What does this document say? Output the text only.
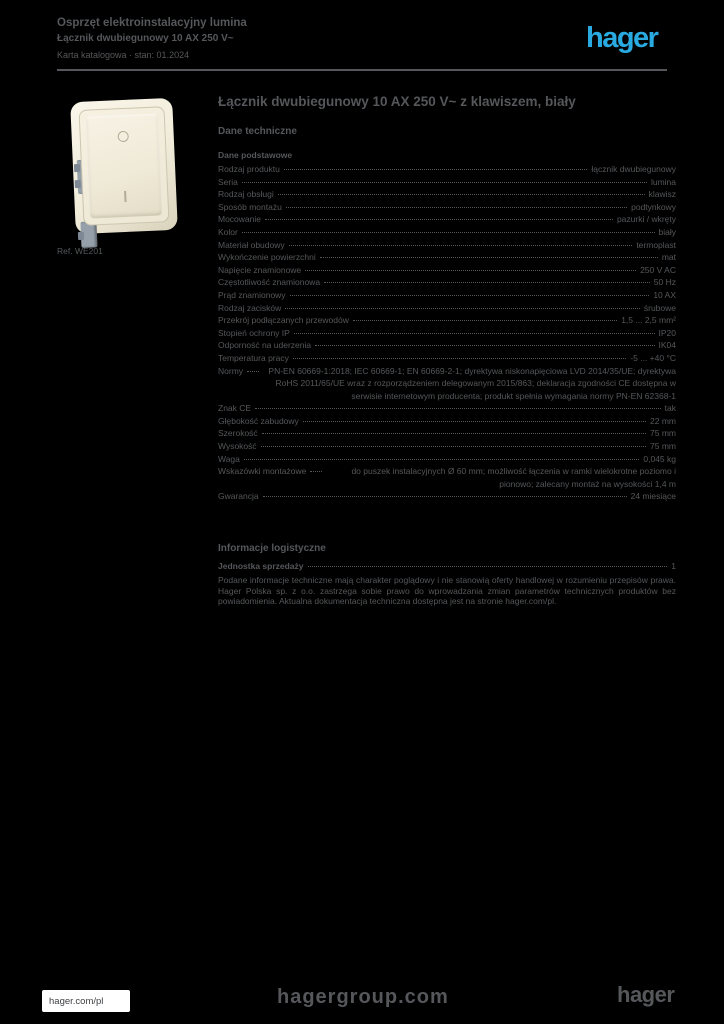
Osprzęt elektroinstalacyjny lumina
Łącznik dwubiegunowy 10 AX 250 V~
Karta katalogowa · stan: 01.2024
hager
Ref. WE201
Łącznik dwubiegunowy 10 AX 250 V~ z klawiszem, biały
Dane techniczne
Dane podstawowe
Rodzaj produktu	łącznik dwubiegunowy
Seria	lumina
Rodzaj obsługi	klawisz
Sposób montażu	podtynkowy
Mocowanie	pazurki / wkręty
Kolor	biały
Materiał obudowy	termoplast
Wykończenie powierzchni	mat
Napięcie znamionowe	250 V AC
Częstotliwość znamionowa	50 Hz
Prąd znamionowy	10 AX
Rodzaj zacisków	śrubowe
Przekrój podłączanych przewodów	1,5 ... 2,5 mm²
Stopień ochrony IP	IP20
Odporność na uderzenia	IK04
Temperatura pracy	-5 ... +40 °C
Normy	PN-EN 60669-1:2018; IEC 60669-1; EN 60669-2-1; dyrektywa niskonapięciowa LVD 2014/35/UE; dyrektywa RoHS 2011/65/UE wraz z rozporządzeniem delegowanym 2015/863; deklaracja zgodności CE dostępna w serwisie internetowym producenta; produkt spełnia wymagania normy PN-EN 62368-1
Znak CE	tak
Głębokość zabudowy	22 mm
Szerokość	75 mm
Wysokość	75 mm
Waga	0,045 kg
Wskazówki montażowe	do puszek instalacyjnych Ø 60 mm; możliwość łączenia w ramki wielokrotne poziomo i pionowo; zalecany montaż na wysokości 1,4 m
Gwarancja	24 miesiące
Informacje logistyczne
Jednostka sprzedaży	1
Podane informacje techniczne mają charakter poglądowy i nie stanowią oferty handlowej w rozumieniu przepisów prawa. Hager Polska sp. z o.o. zastrzega sobie prawo do wprowadzania zmian parametrów technicznych produktów bez powiadomienia. Aktualna dokumentacja techniczna dostępna jest na stronie hager.com/pl.
hager.com/pl	hagergroup.com	hager
